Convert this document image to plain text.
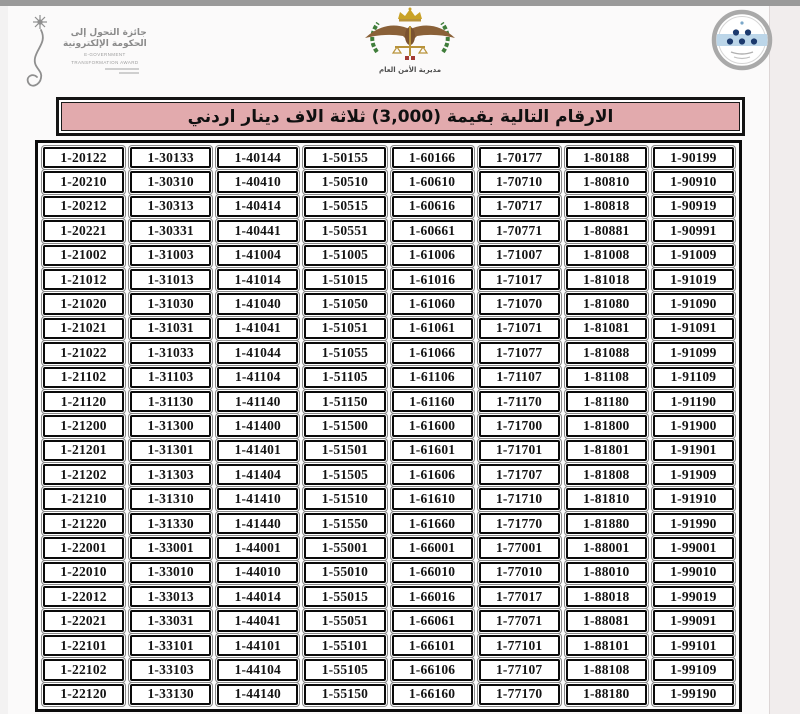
جائزة التحول إلى
الحكومة الإلكترونية
E-GOVERNMENT
TRANSFORMATION AWARD
مديرية الأمن العام
الارقام التالية بقيمة (3,000) ثلاثة الاف دينار اردني
1-20122	1-30133	1-40144	1-50155	1-60166	1-70177	1-80188	1-90199
1-20210	1-30310	1-40410	1-50510	1-60610	1-70710	1-80810	1-90910
1-20212	1-30313	1-40414	1-50515	1-60616	1-70717	1-80818	1-90919
1-20221	1-30331	1-40441	1-50551	1-60661	1-70771	1-80881	1-90991
1-21002	1-31003	1-41004	1-51005	1-61006	1-71007	1-81008	1-91009
1-21012	1-31013	1-41014	1-51015	1-61016	1-71017	1-81018	1-91019
1-21020	1-31030	1-41040	1-51050	1-61060	1-71070	1-81080	1-91090
1-21021	1-31031	1-41041	1-51051	1-61061	1-71071	1-81081	1-91091
1-21022	1-31033	1-41044	1-51055	1-61066	1-71077	1-81088	1-91099
1-21102	1-31103	1-41104	1-51105	1-61106	1-71107	1-81108	1-91109
1-21120	1-31130	1-41140	1-51150	1-61160	1-71170	1-81180	1-91190
1-21200	1-31300	1-41400	1-51500	1-61600	1-71700	1-81800	1-91900
1-21201	1-31301	1-41401	1-51501	1-61601	1-71701	1-81801	1-91901
1-21202	1-31303	1-41404	1-51505	1-61606	1-71707	1-81808	1-91909
1-21210	1-31310	1-41410	1-51510	1-61610	1-71710	1-81810	1-91910
1-21220	1-31330	1-41440	1-51550	1-61660	1-71770	1-81880	1-91990
1-22001	1-33001	1-44001	1-55001	1-66001	1-77001	1-88001	1-99001
1-22010	1-33010	1-44010	1-55010	1-66010	1-77010	1-88010	1-99010
1-22012	1-33013	1-44014	1-55015	1-66016	1-77017	1-88018	1-99019
1-22021	1-33031	1-44041	1-55051	1-66061	1-77071	1-88081	1-99091
1-22101	1-33101	1-44101	1-55101	1-66101	1-77101	1-88101	1-99101
1-22102	1-33103	1-44104	1-55105	1-66106	1-77107	1-88108	1-99109
1-22120	1-33130	1-44140	1-55150	1-66160	1-77170	1-88180	1-99190
